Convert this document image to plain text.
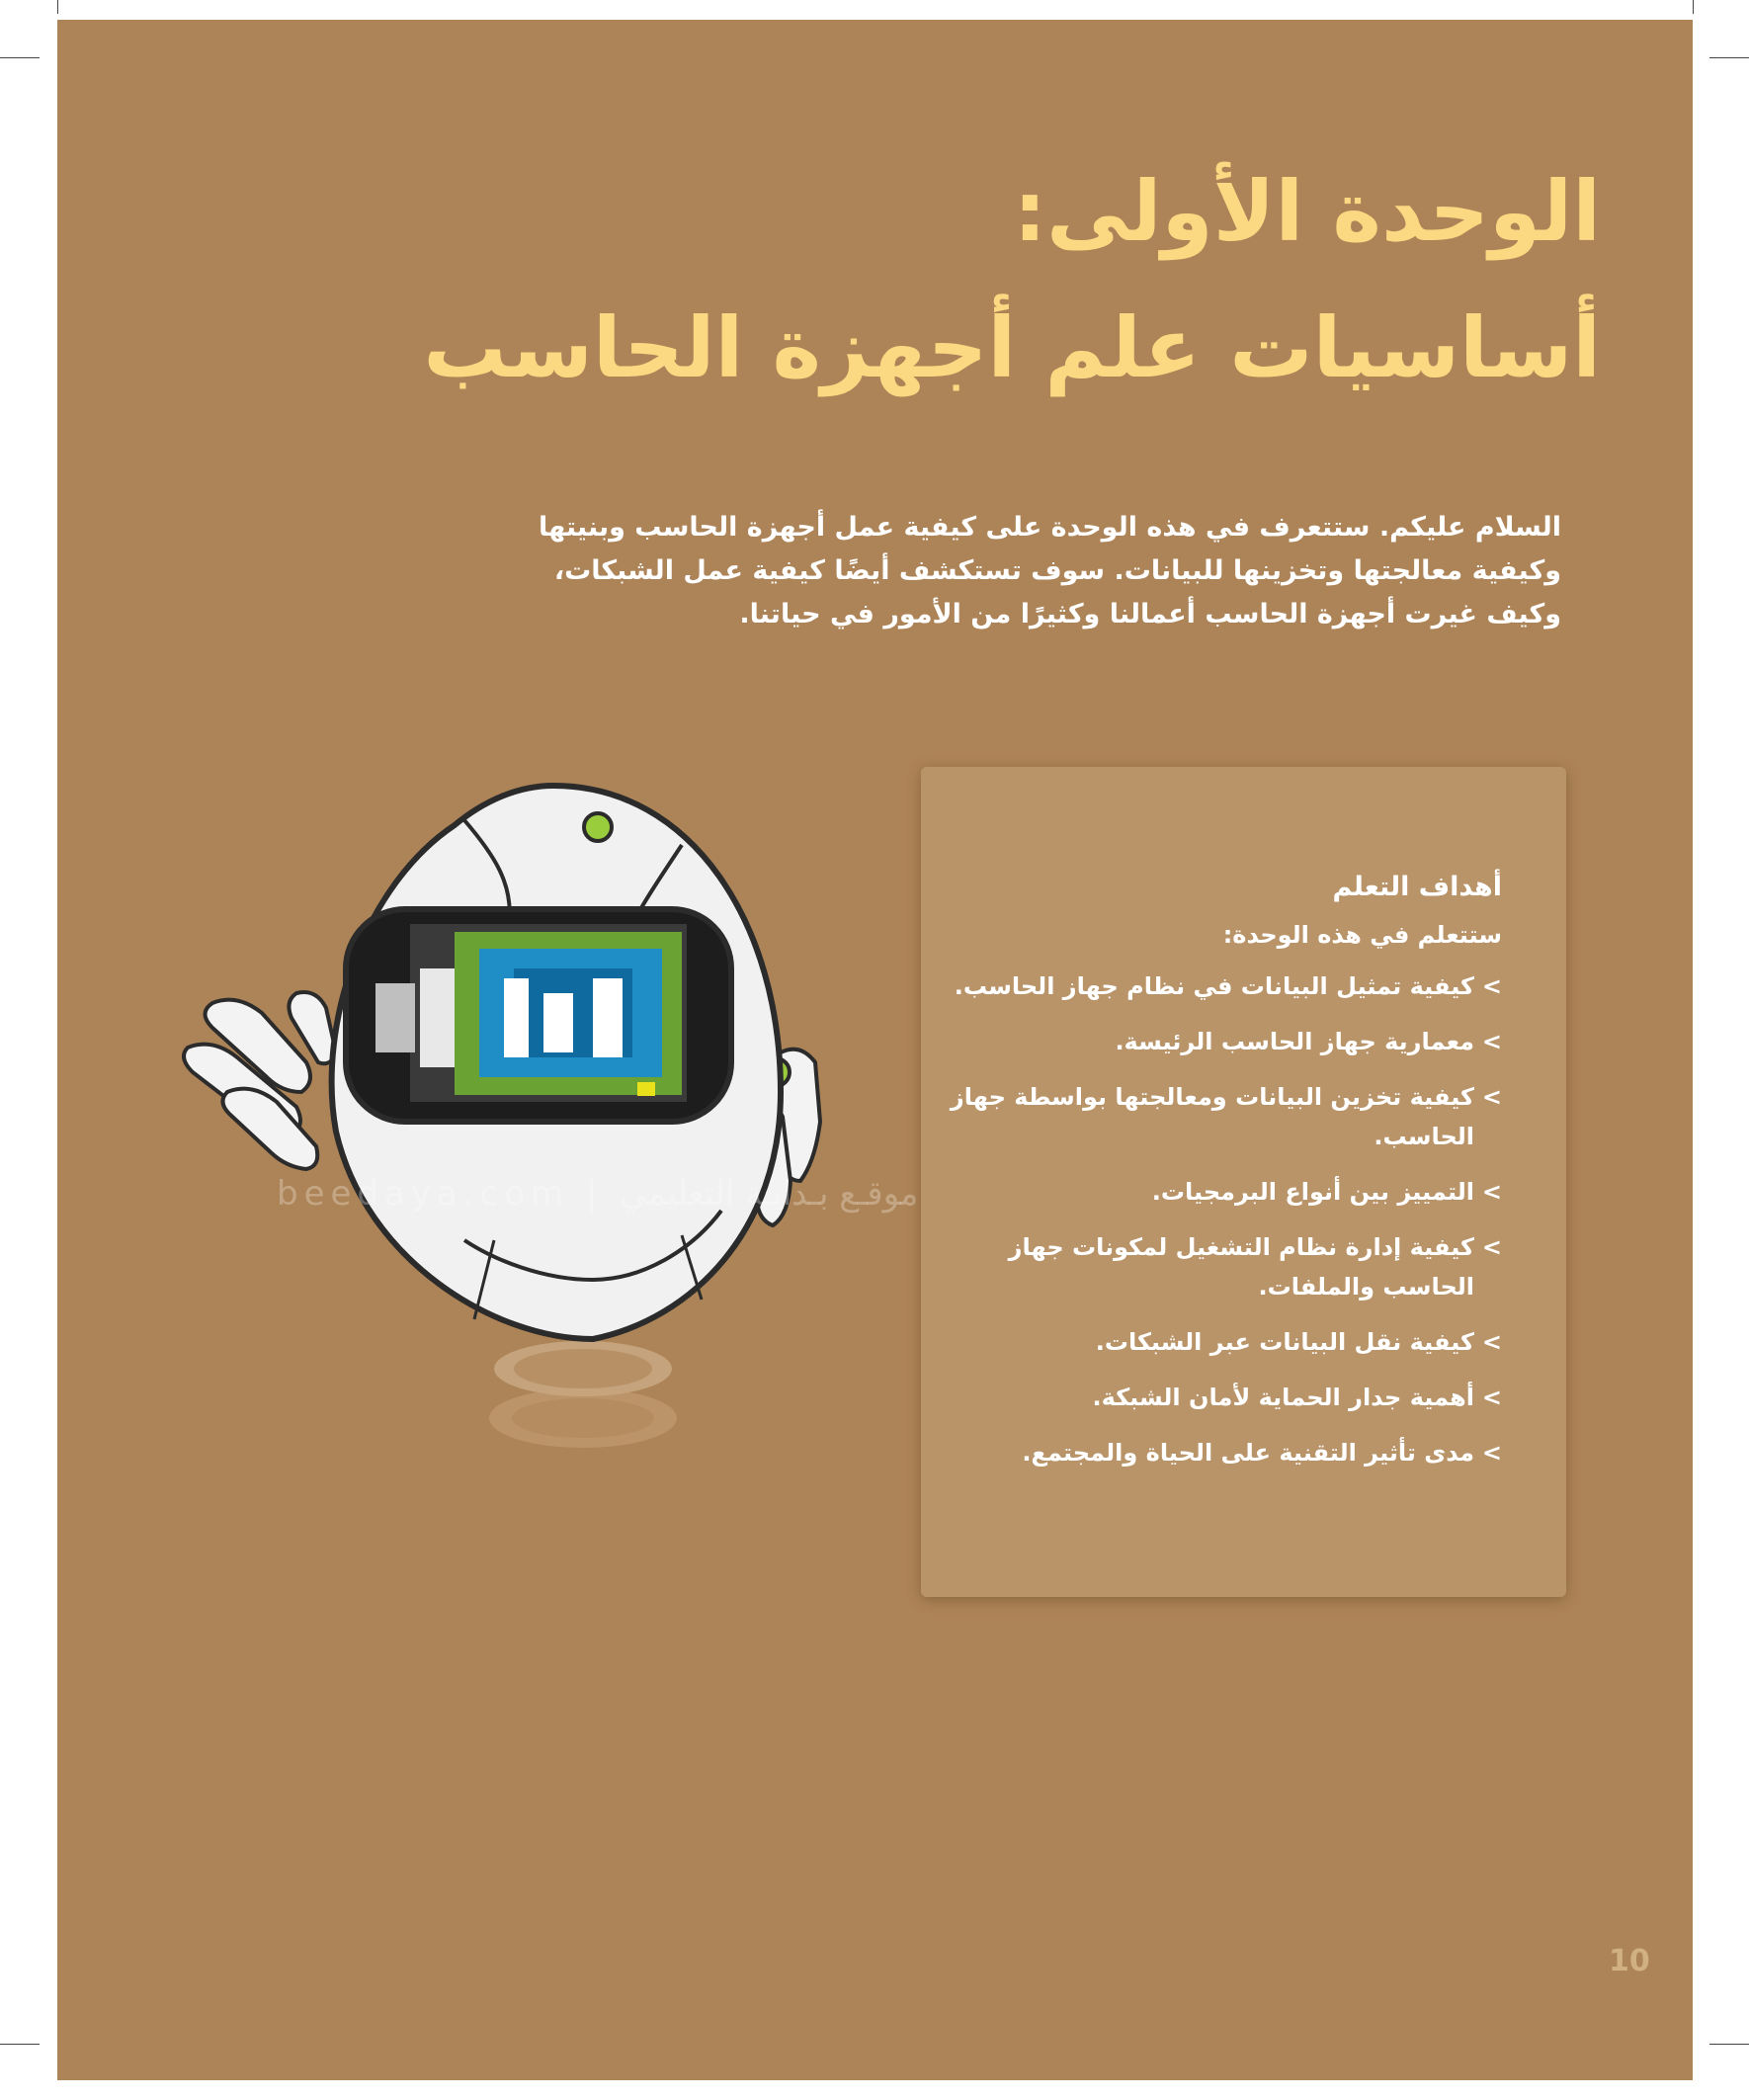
الوحدة الأولى:
أساسيات علم أجهزة الحاسب
السلام عليكم. ستتعرف في هذه الوحدة على كيفية عمل أجهزة الحاسب وبنيتها
وكيفية معالجتها وتخزينها للبيانات. سوف تستكشف أيضًا كيفية عمل الشبكات،
وكيف غيرت أجهزة الحاسب أعمالنا وكثيرًا من الأمور في حياتنا.
beedaya.com | موقـع بـدايـة التعليمي
أهداف التعلم
ستتعلم في هذه الوحدة:
>
كيفية تمثيل البيانات في نظام جهاز الحاسب.
>
معمارية جهاز الحاسب الرئيسة.
>
كيفية تخزين البيانات ومعالجتها بواسطة جهاز الحاسب.
>
التمييز بين أنواع البرمجيات.
>
كيفية إدارة نظام التشغيل لمكونات جهاز الحاسب والملفات.
>
كيفية نقل البيانات عبر الشبكات.
>
أهمية جدار الحماية لأمان الشبكة.
>
مدى تأثير التقنية على الحياة والمجتمع.
10
